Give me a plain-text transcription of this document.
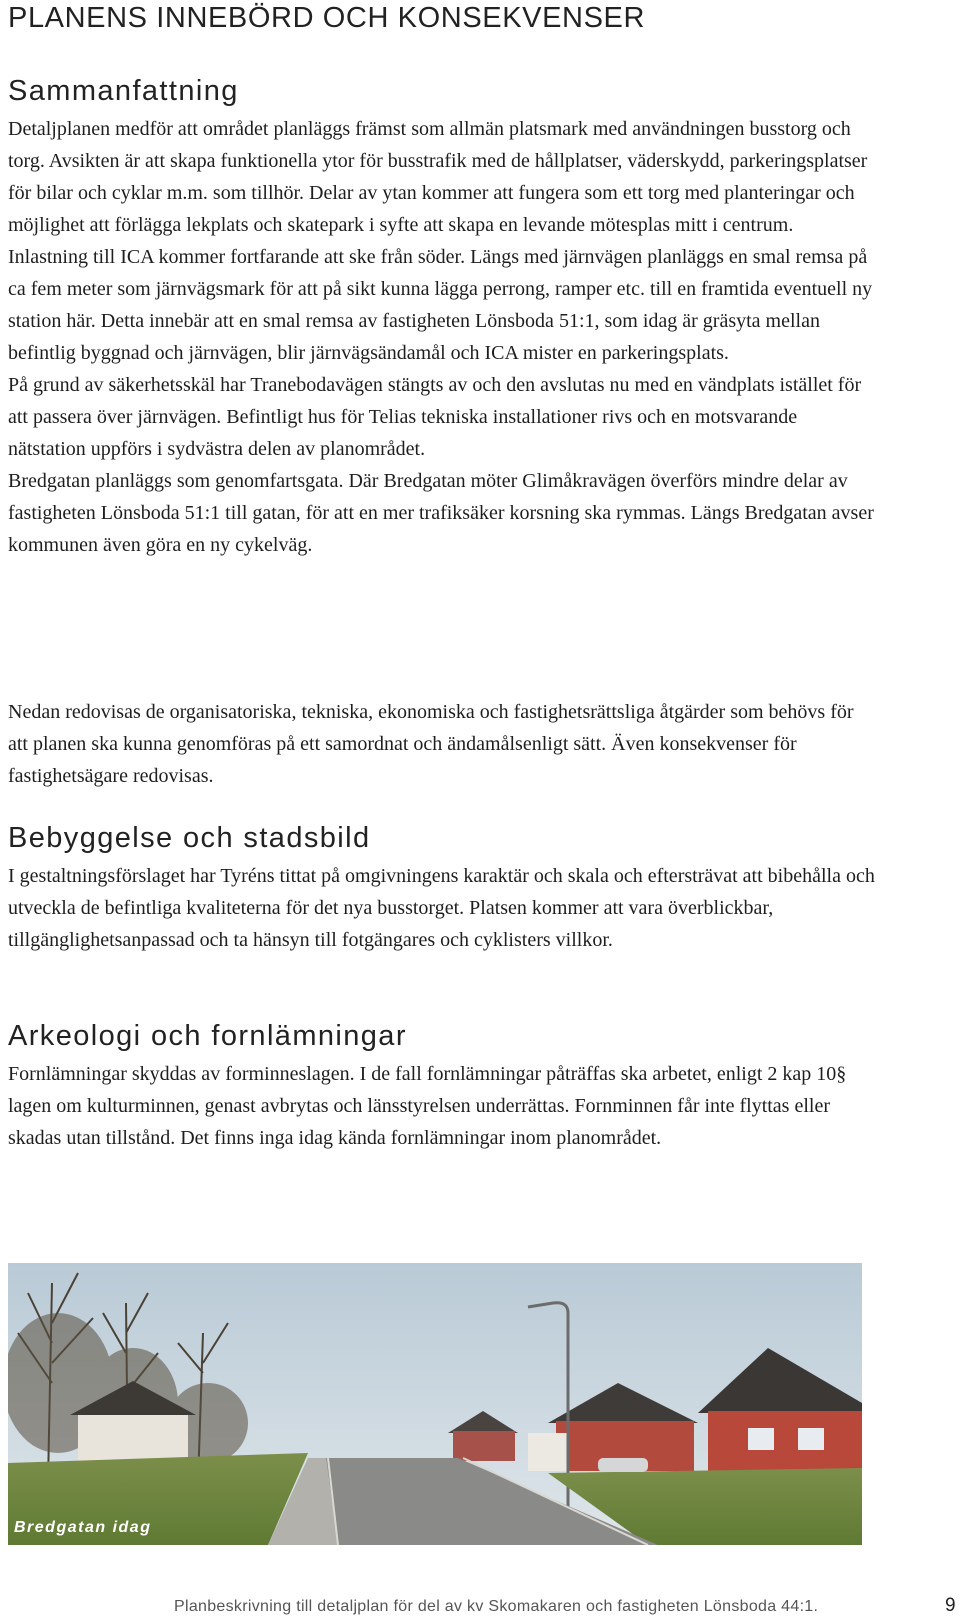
PLANENS INNEBÖRD OCH KONSEKVENSER
Sammanfattning

Detaljplanen medför att området planläggs främst som allmän platsmark med användningen busstorg och torg. Avsikten är att skapa funktionella ytor för busstrafik med de hållplatser, väderskydd, parkeringsplatser för bilar och cyklar m.m. som tillhör. Delar av ytan kommer att fungera som ett torg med planteringar och möjlighet att förlägga lekplats och skatepark i syfte att skapa en levande mötesplas mitt i centrum. Inlastning till ICA kommer fortfarande att ske från söder. Längs med järnvägen planläggs en smal remsa på ca fem meter som järnvägsmark för att på sikt kunna lägga perrong, ramper etc. till en framtida eventuell ny station här. Detta innebär att en smal remsa av fastigheten Lönsboda 51:1, som idag är gräsyta mellan befintlig byggnad och järnvägen, blir järnvägsändamål och ICA mister en parkeringsplats.

På grund av säkerhetsskäl har Tranebodavägen stängts av och den avslutas nu med en vändplats istället för att passera över järnvägen. Befintligt hus för Telias tekniska installationer rivs och en motsvarande nätstation uppförs i sydvästra delen av planområdet.

Bredgatan planläggs som genomfartsgata. Där Bredgatan möter Glimåkravägen överförs mindre delar av fastigheten Lönsboda 51:1 till gatan, för att en mer trafiksäker korsning ska rymmas. Längs Bredgatan avser kommunen även göra en ny cykelväg.

Nedan redovisas de organisatoriska, tekniska, ekonomiska och fastighetsrättsliga åtgärder som behövs för att planen ska kunna genomföras på ett samordnat och ändamålsenligt sätt. Även konsekvenser för fastighetsägare redovisas.

Bebyggelse och stadsbild

I gestaltningsförslaget har Tyréns tittat på omgivningens karaktär och skala och eftersträvat att bibehålla och utveckla de befintliga kvaliteterna för det nya busstorget. Platsen kommer att vara överblickbar, tillgänglighetsanpassad och ta hänsyn till fotgängares och cyklisters villkor.

Arkeologi och fornlämningar

Fornlämningar skyddas av forminneslagen. I de fall fornlämningar påträffas ska arbetet, enligt 2 kap 10§ lagen om kulturminnen, genast avbrytas och länsstyrelsen underrättas. Fornminnen får inte flyttas eller skadas utan tillstånd. Det finns inga idag kända fornlämningar inom planområdet.

Bredgatan idag
Planbeskrivning till detaljplan för del av kv Skomakaren och fastigheten Lönsboda 44:1.	9
